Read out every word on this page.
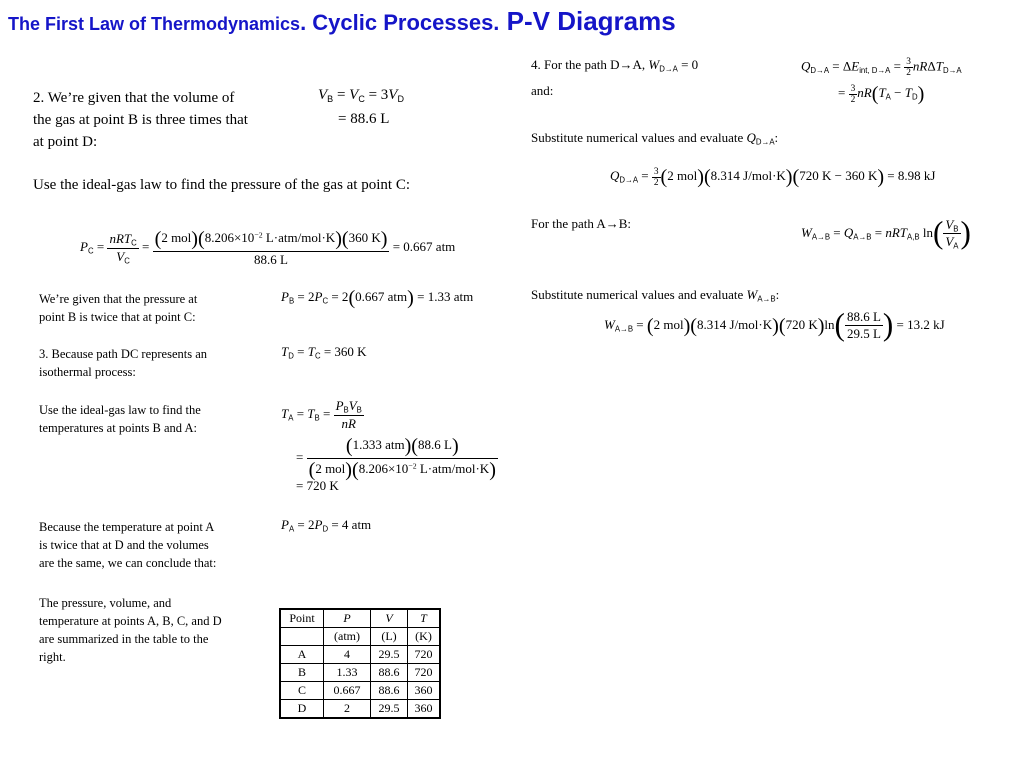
The First Law of Thermodynamics. Cyclic Processes. P-V Diagrams
2. We’re given that the volume of
the gas at point B is three times that
at point D:
$V_B = V_C = 3V_D$
= 88.6 L
Use the ideal-gas law to find the pressure of the gas at point C:
$P_C = \frac{nRT_C}{V_C} = \frac{(2 mol)(8.206\times 10^{-2} L\cdot atm/mol\cdot K)(360 K)}{88.6 L} = 0.667$ atm
We’re given that the pressure at
point B is twice that at point C:
$P_B = 2P_C = 2(0.667$ atm) = 1.33 atm
3. Because path DC represents an
isothermal process:
$T_D = T_C = 360$ K
Use the ideal-gas law to find the
temperatures at points B and A:
$T_A = T_B = \frac{P_BV_B}{nR}$
= $\frac{\text{(1.333 atm)(88.6 L)}}{(2 mol)(8.206\times 10^{-2} L\cdot atm/mol\cdot K)}$
= 720 K
Because the temperature at point A
is twice that at D and the volumes
are the same, we can conclude that:
$P_A = 2P_D = 4$ atm
The pressure, volume, and
temperature at points A, B, C, and D
are summarized in the table to the
right.
Point	P	V	T
	(atm)	(L)	(K)
A	4	29.5	720
B	1.33	88.6	720
C	0.667	88.6	360
D	2	29.5	360
4. For the path D→A, $W_{D\to A} = 0$
and:
$Q_{D\to A} = \Delta E_{int, D\to A} = \frac{3}{2} nR\Delta T_{D\to A}$
= $\frac{3}{2} nR(T_A - T_D)$
Substitute numerical values and evaluate $Q_{D\to A}$:
$Q_{D\to A} = \frac{3}{2} (2$ mol)(8.314 J/mol·K)(720 K − 360 K) = 8.98 kJ
For the path A→B:
$W_{A\to B} = Q_{A\to B} = nRT_{A,B}$ $\ln( \frac{V_B}{V_A}$ )
Substitute numerical values and evaluate $W_{A\to B}$:
$W_{A\to B} = (2$ mol)(8.314 J/mol·K)(720 $K)\ln( \frac{88.6 L}{29.5 L}$ ) = 13.2 kJ
